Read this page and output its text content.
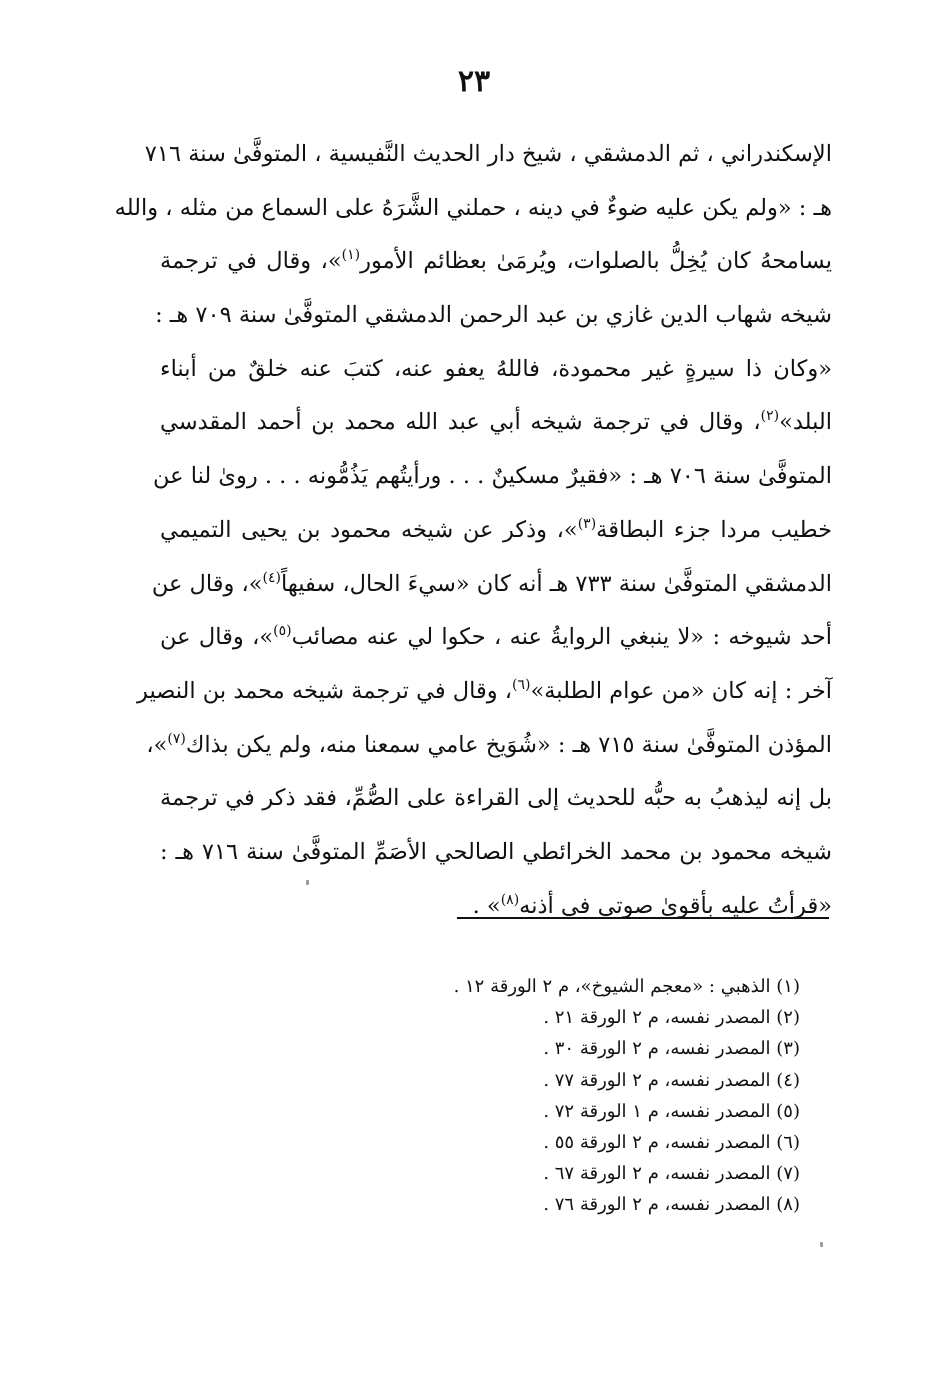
٢٣
الإسكندراني ، ثم الدمشقي ، شيخ دار الحديث النَّفيسية ، المتوفَّىٰ سنة ٧١٦
هـ : «ولم يكن عليه ضوءٌ في دينه ، حملني الشَّرَهُ على السماع من مثله ، والله
يسامحهُ كان يُخِلُّ بالصلوات، ويُرمَىٰ بعظائم الأمور$^{(١)}$»، وقال في ترجمة
شيخه شهاب الدين غازي بن عبد الرحمن الدمشقي المتوفَّىٰ سنة ٧٠٩ هـ :
«وكان ذا سيرةٍ غير محمودة، فاللهُ يعفو عنه، كتبَ عنه خلقٌ من أبناء
البلد»$^{(٢)}$، وقال في ترجمة شيخه أبي عبد الله محمد بن أحمد المقدسي
المتوفَّىٰ سنة ٧٠٦ هـ : «فقيرٌ مسكينٌ . . . ورأيتُهم يَذُمُّونه . . . روىٰ لنا عن
خطيب مردا جزء البطاقة$^{(٣)}$»، وذكر عن شيخه محمود بن يحيى التميمي
الدمشقي المتوفَّىٰ سنة ٧٣٣ هـ أنه كان «سيءَ الحال، سفيهاً$^{(٤)}$»، وقال عن
أحد شيوخه : «لا ينبغي الروايةُ عنه ، حكوا لي عنه مصائب$^{(٥)}$»، وقال عن
آخر : إنه كان «من عوام الطلبة»$^{(٦)}$، وقال في ترجمة شيخه محمد بن النصير
المؤذن المتوفَّىٰ سنة ٧١٥ هـ : «شُوَيخ عامي سمعنا منه، ولم يكن بذاك$^{(٧)}$»،
بل إنه ليذهبُ به حبُّه للحديث إلى القراءة على الصُّمِّ، فقد ذكر في ترجمة
شيخه محمود بن محمد الخرائطي الصالحي الأصَمِّ المتوفَّىٰ سنة ٧١٦ هـ :
«قرأتُ عليه بأقوىٰ صوتي في أذنه$^{(٨)}$» .
(١) الذهبي : «معجم الشيوخ»، م ٢ الورقة ١٢ .
(٢) المصدر نفسه، م ٢ الورقة ٢١ .
(٣) المصدر نفسه، م ٢ الورقة ٣٠ .
(٤) المصدر نفسه، م ٢ الورقة ٧٧ .
(٥) المصدر نفسه، م ١ الورقة ٧٢ .
(٦) المصدر نفسه، م ٢ الورقة ٥٥ .
(٧) المصدر نفسه، م ٢ الورقة ٦٧ .
(٨) المصدر نفسه، م ٢ الورقة ٧٦ .
